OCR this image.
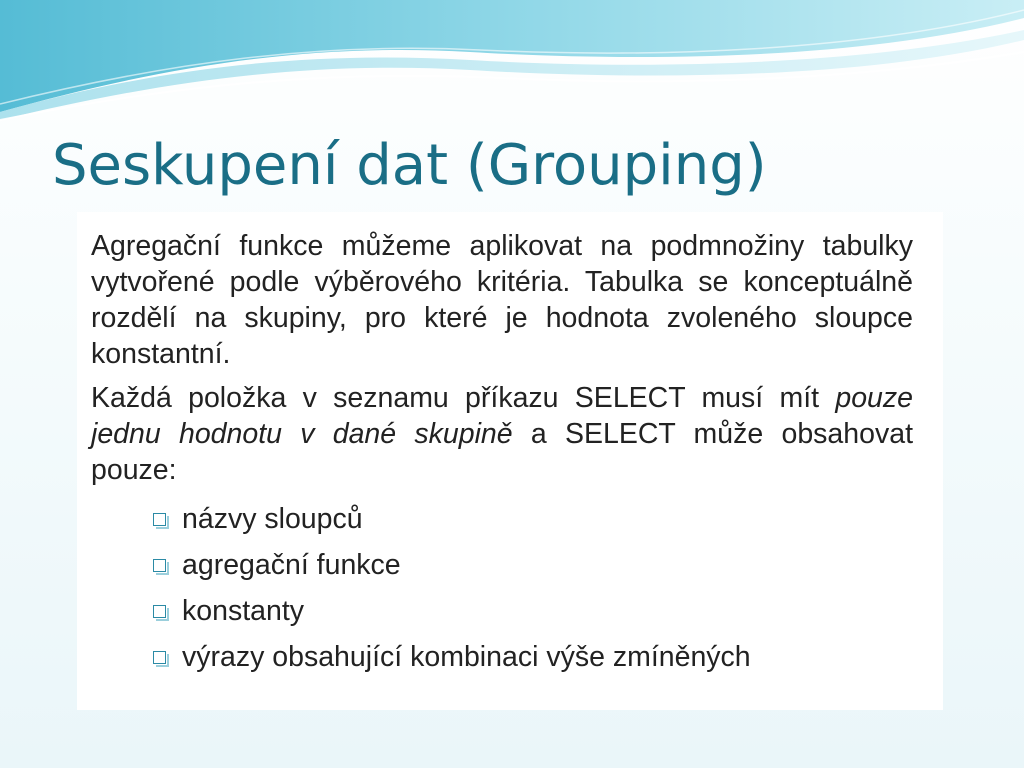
Seskupení dat (Grouping)

Agregační funkce můžeme aplikovat na podmnožiny tabulky vytvořené podle výběrového kritéria. Tabulka se konceptuálně rozdělí na skupiny, pro které je hodnota zvoleného sloupce konstantní.

Každá položka v seznamu příkazu SELECT musí mít pouze jednu hodnotu v dané skupině a SELECT může obsahovat pouze:

názvy sloupců
agregační funkce
konstanty
výrazy obsahující kombinaci výše zmíněných
